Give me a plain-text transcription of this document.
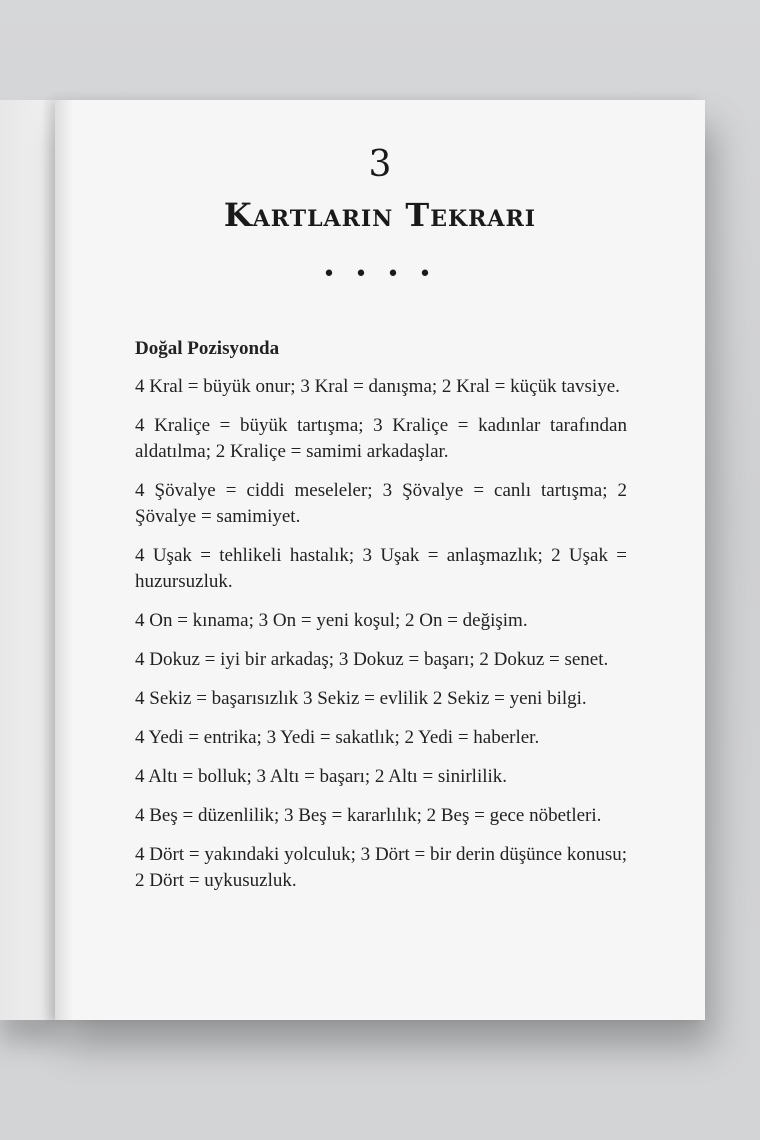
3
Kartların Tekrarı
• • • •

Doğal Pozisyonda

4 Kral = büyük onur; 3 Kral = danışma; 2 Kral = küçük tavsiye.

4 Kraliçe = büyük tartışma; 3 Kraliçe = kadınlar tarafından aldatılma; 2 Kraliçe = samimi arkadaşlar.

4 Şövalye = ciddi meseleler; 3 Şövalye = canlı tartışma; 2 Şövalye = samimiyet.

4 Uşak = tehlikeli hastalık; 3 Uşak = anlaşmazlık; 2 Uşak = huzursuzluk.

4 On = kınama; 3 On = yeni koşul; 2 On = değişim.

4 Dokuz = iyi bir arkadaş; 3 Dokuz = başarı; 2 Dokuz = senet.

4 Sekiz = başarısızlık 3 Sekiz = evlilik 2 Sekiz = yeni bilgi.

4 Yedi = entrika; 3 Yedi = sakatlık; 2 Yedi = haberler.

4 Altı = bolluk; 3 Altı = başarı; 2 Altı = sinirlilik.

4 Beş = düzenlilik; 3 Beş = kararlılık; 2 Beş = gece nöbetleri.

4 Dört = yakındaki yolculuk; 3 Dört = bir derin düşünce konusu; 2 Dört = uykusuzluk.
